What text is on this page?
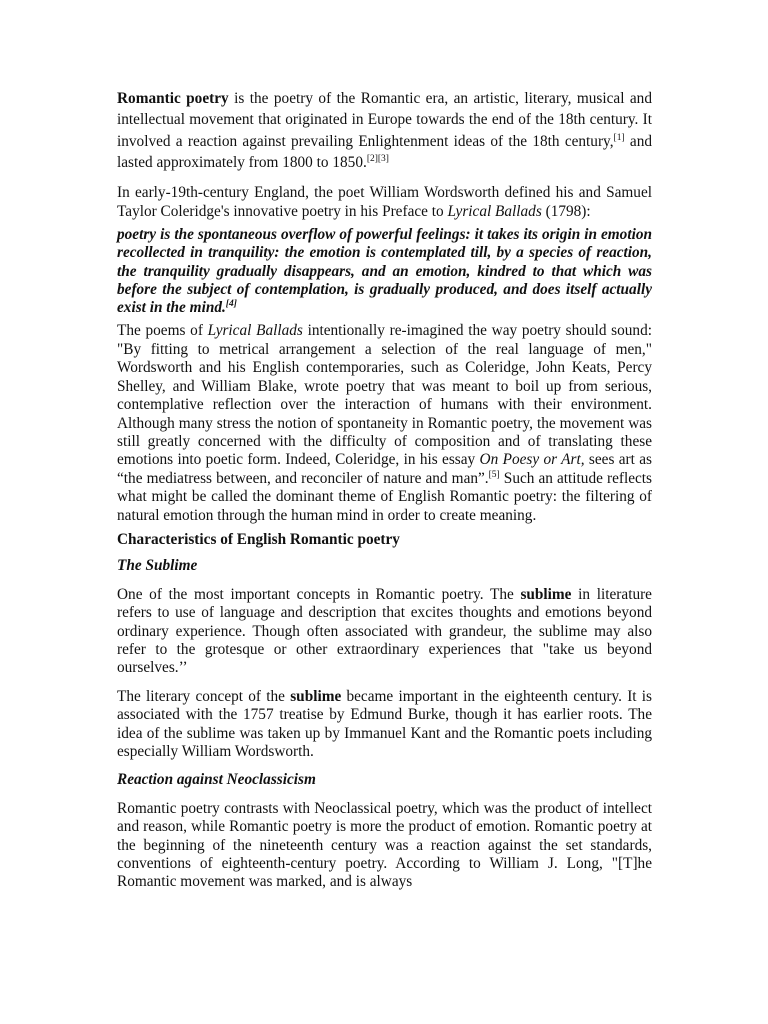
Romantic poetry is the poetry of the Romantic era, an artistic, literary, musical and intellectual movement that originated in Europe towards the end of the 18th century. It involved a reaction against prevailing Enlightenment ideas of the 18th century,[1] and lasted approximately from 1800 to 1850.[2][3]

In early-19th-century England, the poet William Wordsworth defined his and Samuel Taylor Coleridge's innovative poetry in his Preface to Lyrical Ballads (1798):

poetry is the spontaneous overflow of powerful feelings: it takes its origin in emotion recollected in tranquility: the emotion is contemplated till, by a species of reaction, the tranquility gradually disappears, and an emotion, kindred to that which was before the subject of contemplation, is gradually produced, and does itself actually exist in the mind.[4]

The poems of Lyrical Ballads intentionally re-imagined the way poetry should sound: "By fitting to metrical arrangement a selection of the real language of men," Wordsworth and his English contemporaries, such as Coleridge, John Keats, Percy Shelley, and William Blake, wrote poetry that was meant to boil up from serious, contemplative reflection over the interaction of humans with their environment. Although many stress the notion of spontaneity in Romantic poetry, the movement was still greatly concerned with the difficulty of composition and of translating these emotions into poetic form. Indeed, Coleridge, in his essay On Poesy or Art, sees art as “the mediatress between, and reconciler of nature and man”.[5] Such an attitude reflects what might be called the dominant theme of English Romantic poetry: the filtering of natural emotion through the human mind in order to create meaning.

Characteristics of English Romantic poetry

The Sublime

One of the most important concepts in Romantic poetry. The sublime in literature refers to use of language and description that excites thoughts and emotions beyond ordinary experience. Though often associated with grandeur, the sublime may also refer to the grotesque or other extraordinary experiences that "take us beyond ourselves.’’

The literary concept of the sublime became important in the eighteenth century. It is associated with the 1757 treatise by Edmund Burke, though it has earlier roots. The idea of the sublime was taken up by Immanuel Kant and the Romantic poets including especially William Wordsworth.

Reaction against Neoclassicism

Romantic poetry contrasts with Neoclassical poetry, which was the product of intellect and reason, while Romantic poetry is more the product of emotion. Romantic poetry at the beginning of the nineteenth century was a reaction against the set standards, conventions of eighteenth-century poetry. According to William J. Long, "[T]he Romantic movement was marked, and is always
